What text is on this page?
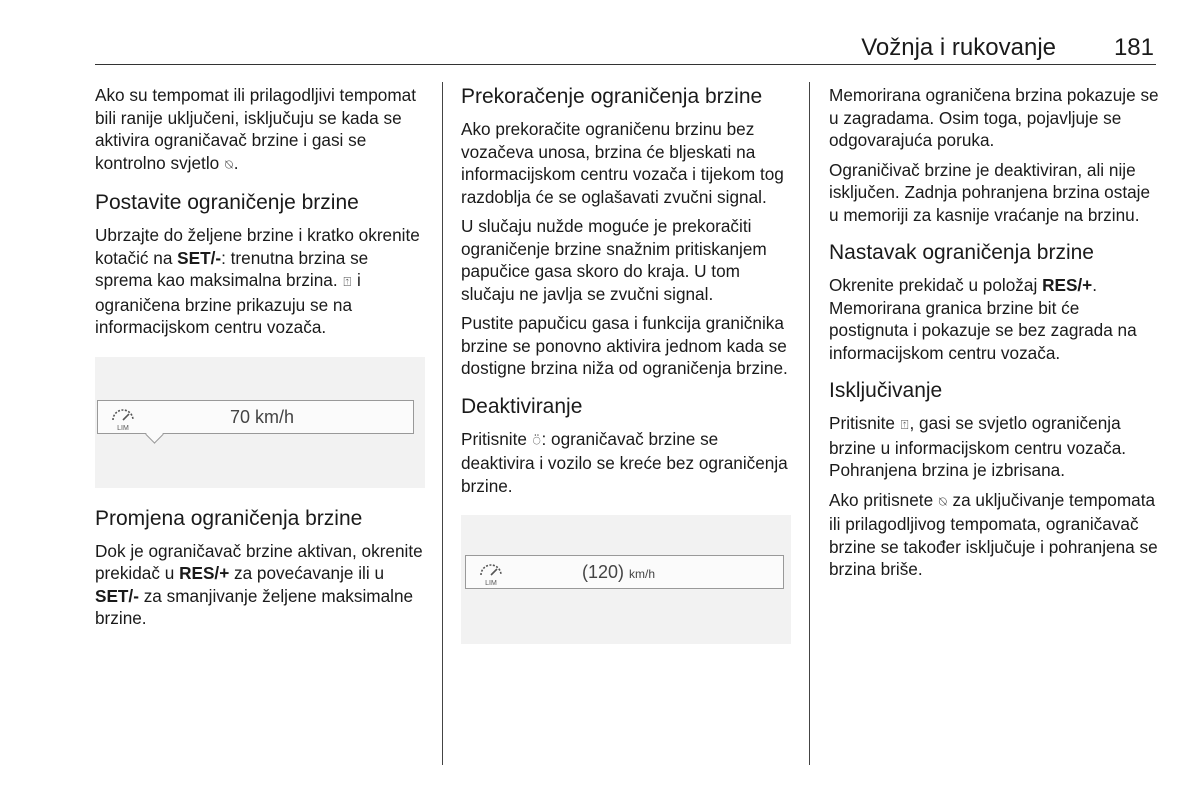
Vožnja i rukovanje 181

Ako su tempomat ili prilagodljivi tempomat bili ranije uključeni, isključuju se kada se aktivira ograničavač brzine i gasi se kontrolno svjetlo ⍉.

Postavite ograničenje brzine

Ubrzajte do željene brzine i kratko okrenite kotačić na SET/-: trenutna brzina se sprema kao maksimalna brzina. ⍐ i ograničena brzine prikazuju se na informacijskom centru vozača.

LIM
70 km/h
Promjena ograničenja brzine

Dok je ograničavač brzine aktivan, okrenite prekidač u RES/+ za povećavanje ili u SET/- za smanjivanje željene maksimalne brzine.

Prekoračenje ograničenja brzine

Ako prekoračite ograničenu brzinu bez vozačeva unosa, brzina će bljeskati na informacijskom centru vozača i tijekom tog razdoblja će se oglašavati zvučni signal.

U slučaju nužde moguće je prekoračiti ograničenje brzine snažnim pritiskanjem papučice gasa skoro do kraja. U tom slučaju ne javlja se zvučni signal.

Pustite papučicu gasa i funkcija graničnika brzine se ponovno aktivira jednom kada se dostigne brzina niža od ograničenja brzine.

Deaktiviranje

Pritisnite ⍥: ograničavač brzine se deaktivira i vozilo se kreće bez ograničenja brzine.

LIM
(120) km/h

Memorirana ograničena brzina pokazuje se u zagradama. Osim toga, pojavljuje se odgovarajuća poruka.

Ograničivač brzine je deaktiviran, ali nije isključen. Zadnja pohranjena brzina ostaje u memoriji za kasnije vraćanje na brzinu.

Nastavak ograničenja brzine

Okrenite prekidač u položaj RES/+. Memorirana granica brzine bit će postignuta i pokazuje se bez zagrada na informacijskom centru vozača.

Isključivanje

Pritisnite ⍐, gasi se svjetlo ograničenja brzine u informacijskom centru vozača. Pohranjena brzina je izbrisana.

Ako pritisnete ⍉ za uključivanje tempomata ili prilagodljivog tempomata, ograničavač brzine se također isključuje i pohranjena se brzina briše.
